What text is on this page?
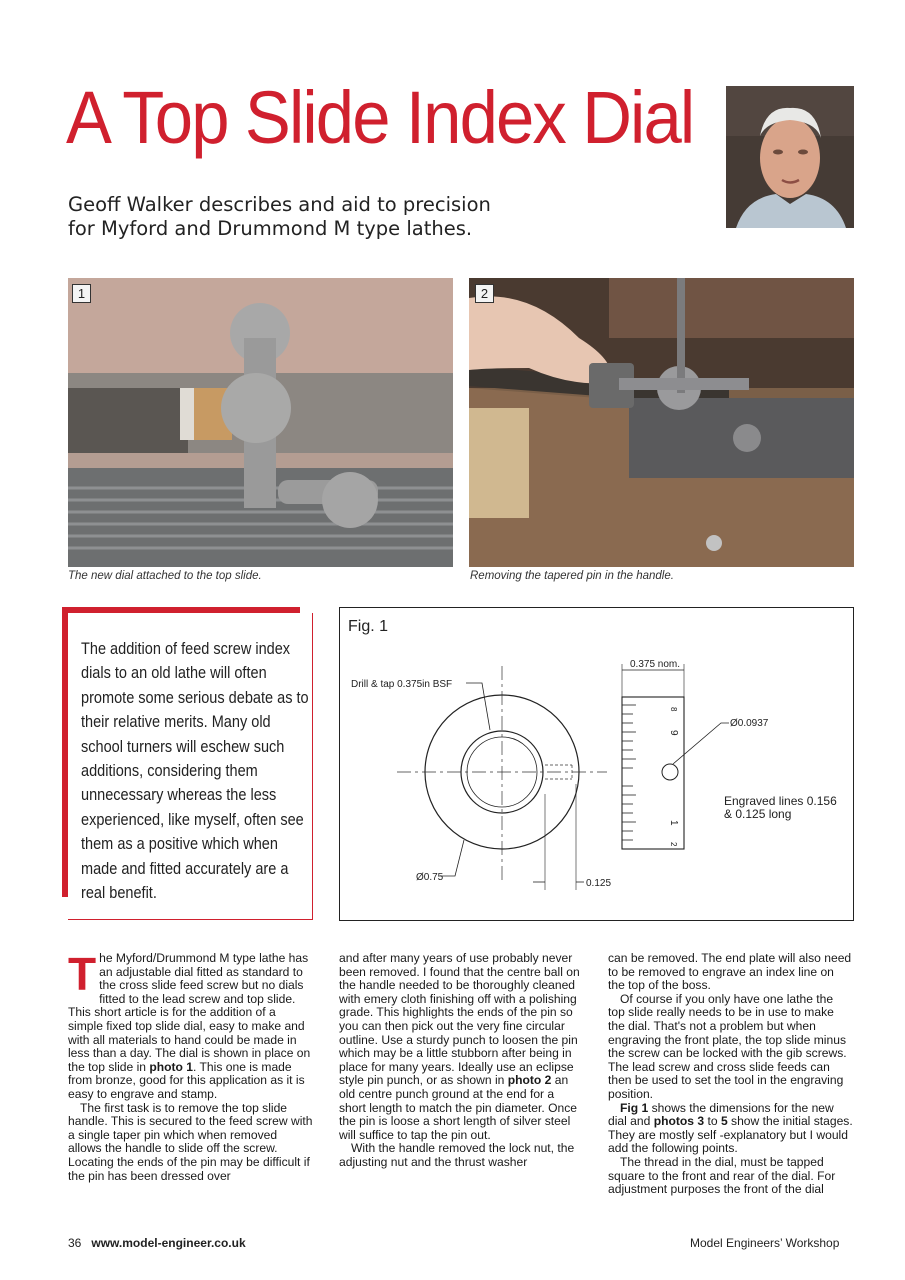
A Top Slide Index Dial
Geoff Walker describes and aid to precision
for Myford and Drummond M type lathes.
1
The new dial attached to the top slide.
2
Removing the tapered pin in the handle.
The addition of feed screw index dials to an old lathe will often promote some serious debate as to their relative merits. Many old school turners will eschew such additions, considering them unnecessary whereas the less experienced, like myself, often see them as a positive which when made and fitted accurately are a real benefit.
Fig. 1
Drill & tap 0.375in BSF
Ø0.75
0.125
8
9
1
2
0.375 nom.
Ø0.0937
Engraved lines 0.156
& 0.125 long

The Myford/Drummond M type lathe has an adjustable dial fitted as standard to the cross slide feed screw but no dials fitted to the lead screw and top slide. This short article is for the addition of a simple fixed top slide dial, easy to make and with all materials to hand could be made in less than a day. The dial is shown in place on the top slide in photo 1. This one is made from bronze, good for this application as it is easy to engrave and stamp.

The first task is to remove the top slide handle. This is secured to the feed screw with a single taper pin which when removed allows the handle to slide off the screw. Locating the ends of the pin may be difficult if the pin has been dressed over

and after many years of use probably never been removed. I found that the centre ball on the handle needed to be thoroughly cleaned with emery cloth finishing off with a polishing grade. This highlights the ends of the pin so you can then pick out the very fine circular outline. Use a sturdy punch to loosen the pin which may be a little stubborn after being in place for many years. Ideally use an eclipse style pin punch, or as shown in photo 2 an old centre punch ground at the end for a short length to match the pin diameter. Once the pin is loose a short length of silver steel will suffice to tap the pin out.

With the handle removed the lock nut, the adjusting nut and the thrust washer

can be removed. The end plate will also need to be removed to engrave an index line on the top of the boss.

Of course if you only have one lathe the top slide really needs to be in use to make the dial. That's not a problem but when engraving the front plate, the top slide minus the screw can be locked with the gib screws. The lead screw and cross slide feeds can then be used to set the tool in the engraving position.

Fig 1 shows the dimensions for the new dial and photos 3 to 5 show the initial stages. They are mostly self -explanatory but I would add the following points.

The thread in the dial, must be tapped square to the front and rear of the dial. For adjustment purposes the front of the dial

36 www.model-engineer.co.uk	Model Engineers’ Workshop
